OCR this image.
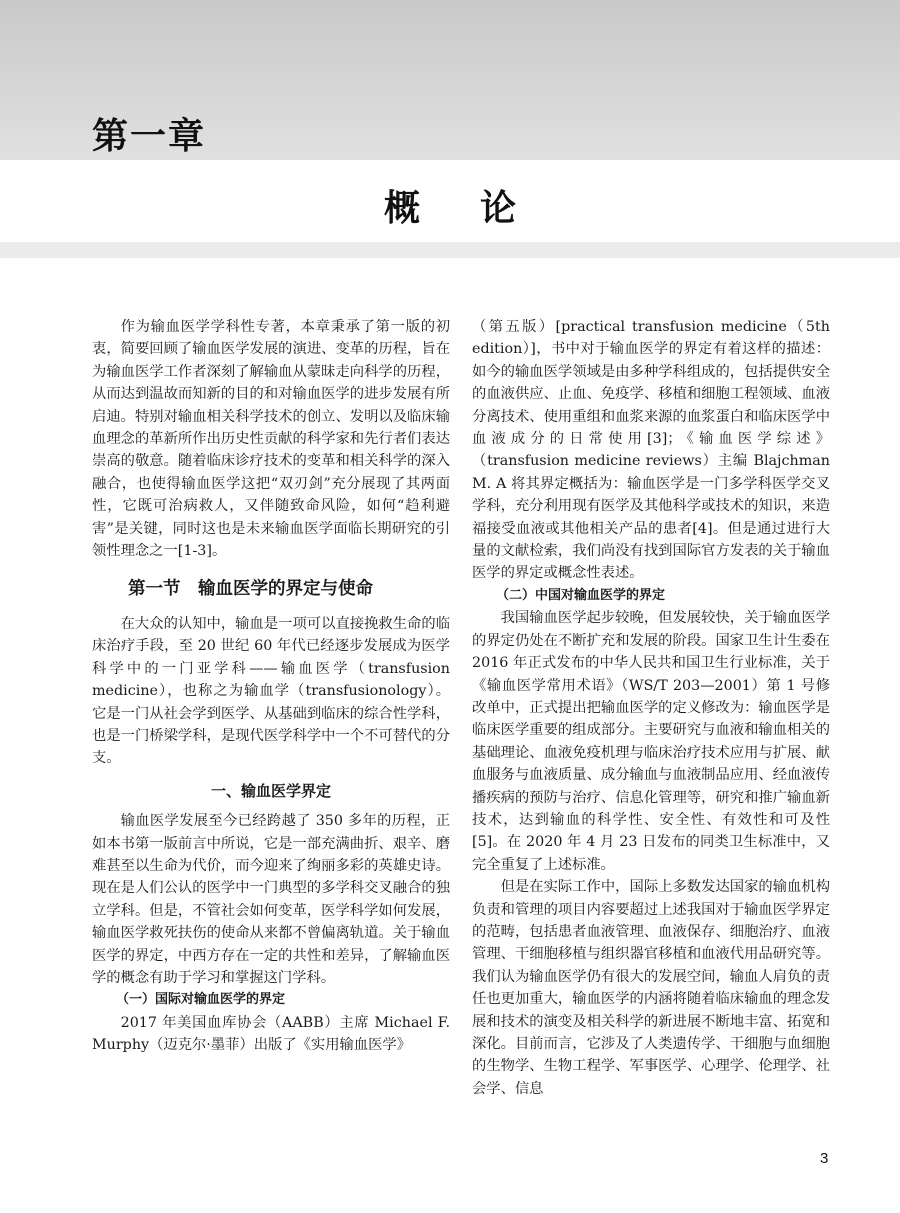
第一章
概论

作为输血医学学科性专著，本章秉承了第一版的初衷，简要回顾了输血医学发展的演进、变革的历程，旨在为输血医学工作者深刻了解输血从蒙昧走向科学的历程，从而达到温故而知新的目的和对输血医学的进步发展有所启迪。特别对输血相关科学技术的创立、发明以及临床输血理念的革新所作出历史性贡献的科学家和先行者们表达崇高的敬意。随着临床诊疗技术的变革和相关科学的深入融合，也使得输血医学这把“双刃剑”充分展现了其两面性，它既可治病救人，又伴随致命风险，如何“趋利避害”是关键，同时这也是未来输血医学面临长期研究的引领性理念之一[1-3]。

第一节　输血医学的界定与使命

在大众的认知中，输血是一项可以直接挽救生命的临床治疗手段，至 20 世纪 60 年代已经逐步发展成为医学科学中的一门亚学科——输血医学（transfusion medicine），也称之为输血学（transfusionology）。它是一门从社会学到医学、从基础到临床的综合性学科，也是一门桥梁学科，是现代医学科学中一个不可替代的分支。

一、输血医学界定

输血医学发展至今已经跨越了 350 多年的历程，正如本书第一版前言中所说，它是一部充满曲折、艰辛、磨难甚至以生命为代价，而今迎来了绚丽多彩的英雄史诗。现在是人们公认的医学中一门典型的多学科交叉融合的独立学科。但是，不管社会如何变革，医学科学如何发展，输血医学救死扶伤的使命从来都不曾偏离轨道。关于输血医学的界定，中西方存在一定的共性和差异，了解输血医学的概念有助于学习和掌握这门学科。

（一）国际对输血医学的界定

2017 年美国血库协会（AABB）主席 Michael F. Murphy（迈克尔·墨菲）出版了《实用输血医学》

（第五版）[practical transfusion medicine（5th edition）]，书中对于输血医学的界定有着这样的描述：如今的输血医学领域是由多种学科组成的，包括提供安全的血液供应、止血、免疫学、移植和细胞工程领域、血液分离技术、使用重组和血浆来源的血浆蛋白和临床医学中血液成分的日常使用[3]；《输血医学综述》（transfusion medicine reviews）主编 Blajchman M. A 将其界定概括为：输血医学是一门多学科医学交叉学科，充分利用现有医学及其他科学或技术的知识，来造福接受血液或其他相关产品的患者[4]。但是通过进行大量的文献检索，我们尚没有找到国际官方发表的关于输血医学的界定或概念性表述。

（二）中国对输血医学的界定

我国输血医学起步较晚，但发展较快，关于输血医学的界定仍处在不断扩充和发展的阶段。国家卫生计生委在 2016 年正式发布的中华人民共和国卫生行业标准，关于《输血医学常用术语》（WS/T 203—2001）第 1 号修改单中，正式提出把输血医学的定义修改为：输血医学是临床医学重要的组成部分。主要研究与血液和输血相关的基础理论、血液免疫机理与临床治疗技术应用与扩展、献血服务与血液质量、成分输血与血液制品应用、经血液传播疾病的预防与治疗、信息化管理等，研究和推广输血新技术，达到输血的科学性、安全性、有效性和可及性[5]。在 2020 年 4 月 23 日发布的同类卫生标准中，又完全重复了上述标准。

但是在实际工作中，国际上多数发达国家的输血机构负责和管理的项目内容要超过上述我国对于输血医学界定的范畴，包括患者血液管理、血液保存、细胞治疗、血液管理、干细胞移植与组织器官移植和血液代用品研究等。我们认为输血医学仍有很大的发展空间，输血人肩负的责任也更加重大，输血医学的内涵将随着临床输血的理念发展和技术的演变及相关科学的新进展不断地丰富、拓宽和深化。目前而言，它涉及了人类遗传学、干细胞与血细胞的生物学、生物工程学、军事医学、心理学、伦理学、社会学、信息

3
